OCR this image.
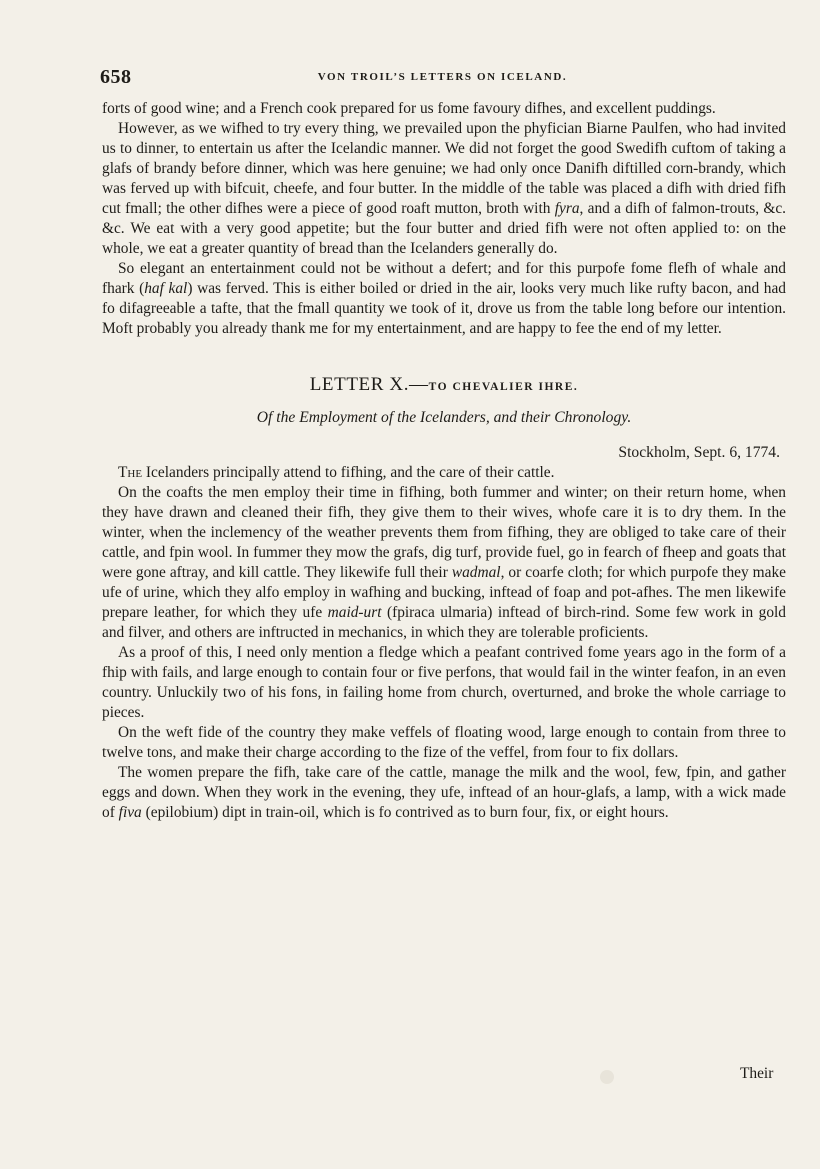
658	VON TROIL’S LETTERS ON ICELAND.

forts of good wine; and a French cook prepared for us fome favoury difhes, and excellent puddings.

However, as we wifhed to try every thing, we prevailed upon the phyfician Biarne Paulfen, who had invited us to dinner, to entertain us after the Icelandic manner. We did not forget the good Swedifh cuftom of taking a glafs of brandy before dinner, which was here genuine; we had only once Danifh diftilled corn-brandy, which was ferved up with bifcuit, cheefe, and four butter. In the middle of the table was placed a difh with dried fifh cut fmall; the other difhes were a piece of good roaft mutton, broth with fyra, and a difh of falmon-trouts, &c. &c. We eat with a very good appetite; but the four butter and dried fifh were not often applied to: on the whole, we eat a greater quantity of bread than the Icelanders generally do.

So elegant an entertainment could not be without a defert; and for this purpofe fome flefh of whale and fhark (haf kal) was ferved. This is either boiled or dried in the air, looks very much like rufty bacon, and had fo difagreeable a tafte, that the fmall quantity we took of it, drove us from the table long before our intention. Moft probably you already thank me for my entertainment, and are happy to fee the end of my letter.

LETTER X.—TO CHEVALIER IHRE.
Of the Employment of the Icelanders, and their Chronology.
Stockholm, Sept. 6, 1774.

The Icelanders principally attend to fifhing, and the care of their cattle.

On the coafts the men employ their time in fifhing, both fummer and winter; on their return home, when they have drawn and cleaned their fifh, they give them to their wives, whofe care it is to dry them. In the winter, when the inclemency of the weather prevents them from fifhing, they are obliged to take care of their cattle, and fpin wool. In fummer they mow the grafs, dig turf, provide fuel, go in fearch of fheep and goats that were gone aftray, and kill cattle. They likewife full their wadmal, or coarfe cloth; for which purpofe they make ufe of urine, which they alfo employ in wafhing and bucking, inftead of foap and pot-afhes. The men likewife prepare leather, for which they ufe maid-urt (fpiraca ulmaria) inftead of birch-rind. Some few work in gold and filver, and others are inftructed in mechanics, in which they are tolerable proficients.

As a proof of this, I need only mention a fledge which a peafant contrived fome years ago in the form of a fhip with fails, and large enough to contain four or five perfons, that would fail in the winter feafon, in an even country. Unluckily two of his fons, in failing home from church, overturned, and broke the whole carriage to pieces.

On the weft fide of the country they make veffels of floating wood, large enough to contain from three to twelve tons, and make their charge according to the fize of the veffel, from four to fix dollars.

The women prepare the fifh, take care of the cattle, manage the milk and the wool, few, fpin, and gather eggs and down. When they work in the evening, they ufe, inftead of an hour-glafs, a lamp, with a wick made of fiva (epilobium) dipt in train-oil, which is fo contrived as to burn four, fix, or eight hours.

Their
